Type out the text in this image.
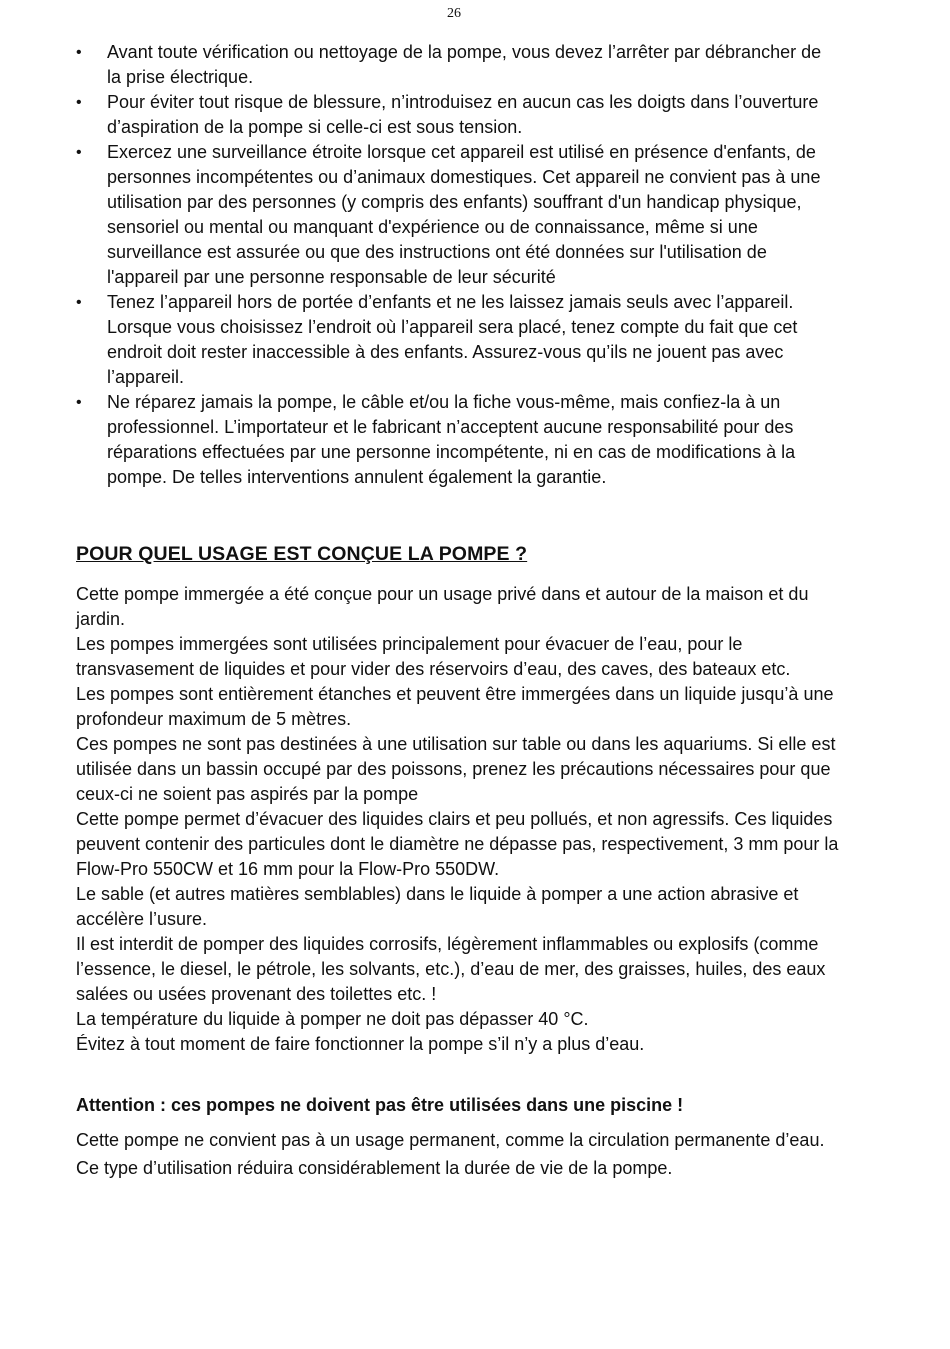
26
• Avant toute vérification ou nettoyage de la pompe, vous devez l’arrêter par débrancher de la prise électrique.
• Pour éviter tout risque de blessure, n’introduisez en aucun cas les doigts dans l’ouverture d’aspiration de la pompe si celle-ci est sous tension.
• Exercez une surveillance étroite lorsque cet appareil est utilisé en présence d'enfants, de personnes incompétentes ou d’animaux domestiques. Cet appareil ne convient pas à une utilisation par des personnes (y compris des enfants) souffrant d'un handicap physique, sensoriel ou mental ou manquant d'expérience ou de connaissance, même si une surveillance est assurée ou que des instructions ont été données sur l'utilisation de l'appareil par une personne responsable de leur sécurité
• Tenez l’appareil hors de portée d’enfants et ne les laissez jamais seuls avec l’appareil. Lorsque vous choisissez l’endroit où l’appareil sera placé, tenez compte du fait que cet endroit doit rester inaccessible à des enfants. Assurez-vous qu’ils ne jouent pas avec l’appareil.
• Ne réparez jamais la pompe, le câble et/ou la fiche vous-même, mais confiez-la à un professionnel. L’importateur et le fabricant n’acceptent aucune responsabilité pour des réparations effectuées par une personne incompétente, ni en cas de modifications à la pompe. De telles interventions annulent également la garantie.
POUR QUEL USAGE EST CONÇUE LA POMPE ?

Cette pompe immergée a été conçue pour un usage privé dans et autour de la maison et du jardin.

Les pompes immergées sont utilisées principalement pour évacuer de l’eau, pour le transvasement de liquides et pour vider des réservoirs d’eau, des caves, des bateaux etc.

Les pompes sont entièrement étanches et peuvent être immergées dans un liquide jusqu’à une profondeur maximum de 5 mètres.

Ces pompes ne sont pas destinées à une utilisation sur table ou dans les aquariums. Si elle est utilisée dans un bassin occupé par des poissons, prenez les précautions nécessaires pour que ceux-ci ne soient pas aspirés par la pompe

Cette pompe permet d’évacuer des liquides clairs et peu pollués, et non agressifs. Ces liquides peuvent contenir des particules dont le diamètre ne dépasse pas, respectivement, 3 mm pour la Flow-Pro 550CW et 16 mm pour la Flow-Pro 550DW.

Le sable (et autres matières semblables) dans le liquide à pomper a une action abrasive et accélère l’usure.

Il est interdit de pomper des liquides corrosifs, légèrement inflammables ou explosifs (comme l’essence, le diesel, le pétrole, les solvants, etc.), d’eau de mer, des graisses, huiles, des eaux salées ou usées provenant des toilettes etc. !

La température du liquide à pomper ne doit pas dépasser 40 °C.

Évitez à tout moment de faire fonctionner la pompe s’il n’y a plus d’eau.

Attention : ces pompes ne doivent pas être utilisées dans une piscine !

Cette pompe ne convient pas à un usage permanent, comme la circulation permanente d’eau. Ce type d’utilisation réduira considérablement la durée de vie de la pompe.
